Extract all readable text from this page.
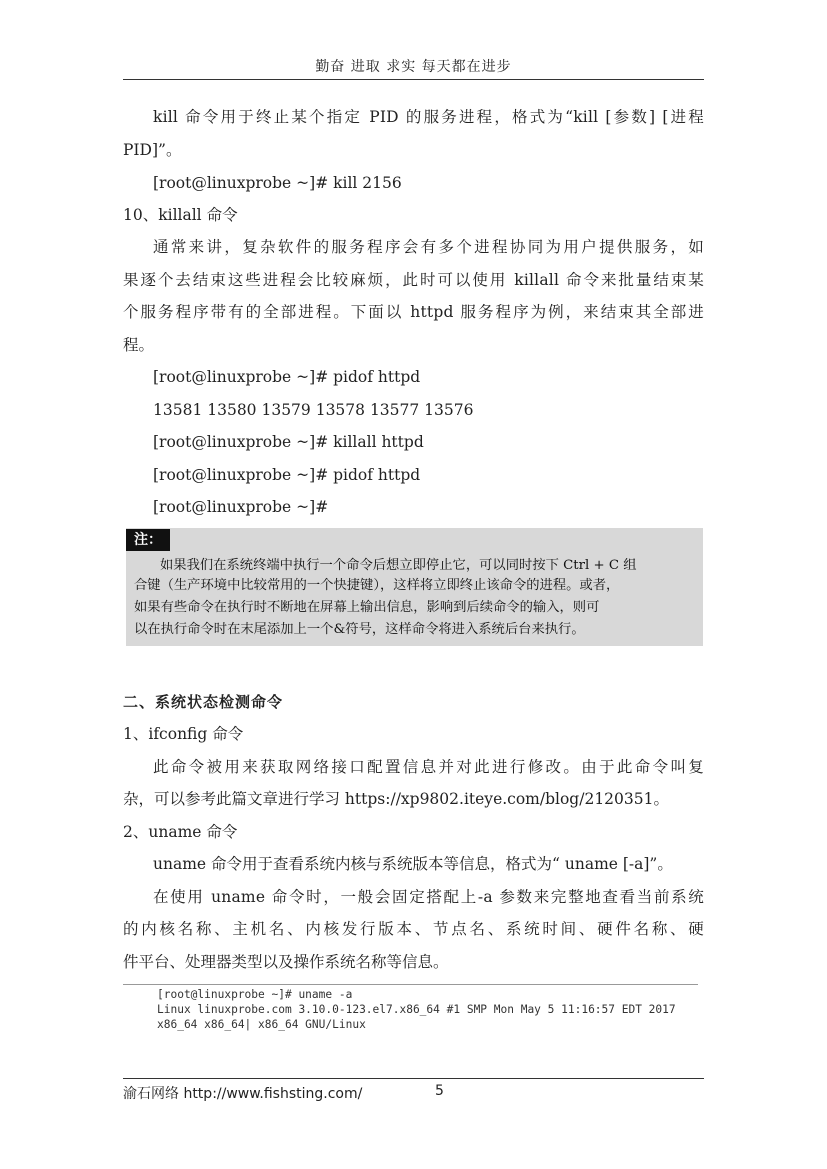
勤奋 进取 求实 每天都在进步
kill 命令用于终止某个指定 PID 的服务进程，格式为“kill [参数] [进程
PID]”。
[root@linuxprobe ~]# kill 2156
10、killall 命令
通常来讲，复杂软件的服务程序会有多个进程协同为用户提供服务，如
果逐个去结束这些进程会比较麻烦，此时可以使用 killall 命令来批量结束某
个服务程序带有的全部进程。下面以 httpd 服务程序为例，来结束其全部进
程。
[root@linuxprobe ~]# pidof httpd
13581 13580 13579 13578 13577 13576
[root@linuxprobe ~]# killall httpd
[root@linuxprobe ~]# pidof httpd
[root@linuxprobe ~]#
注：
如果我们在系统终端中执行一个命令后想立即停止它，可以同时按下 Ctrl + C 组
合键（生产环境中比较常用的一个快捷键），这样将立即终止该命令的进程。或者，
如果有些命令在执行时不断地在屏幕上输出信息，影响到后续命令的输入，则可
以在执行命令时在末尾添加上一个&符号，这样命令将进入系统后台来执行。
二、系统状态检测命令
1、ifconfig 命令
此命令被用来获取网络接口配置信息并对此进行修改。由于此命令叫复
杂，可以参考此篇文章进行学习 https://xp9802.iteye.com/blog/2120351。
2、uname 命令
uname 命令用于查看系统内核与系统版本等信息，格式为“ uname [-a]”。
在使用 uname 命令时，一般会固定搭配上-a 参数来完整地查看当前系统
的内核名称、主机名、内核发行版本、节点名、系统时间、硬件名称、硬
件平台、处理器类型以及操作系统名称等信息。
[root@linuxprobe ~]# uname -a
Linux linuxprobe.com 3.10.0-123.el7.x86_64 #1 SMP Mon May 5 11:16:57 EDT 2017
x86_64 x86_64| x86_64 GNU/Linux
渝石网络 http://www.fishsting.com/	5
